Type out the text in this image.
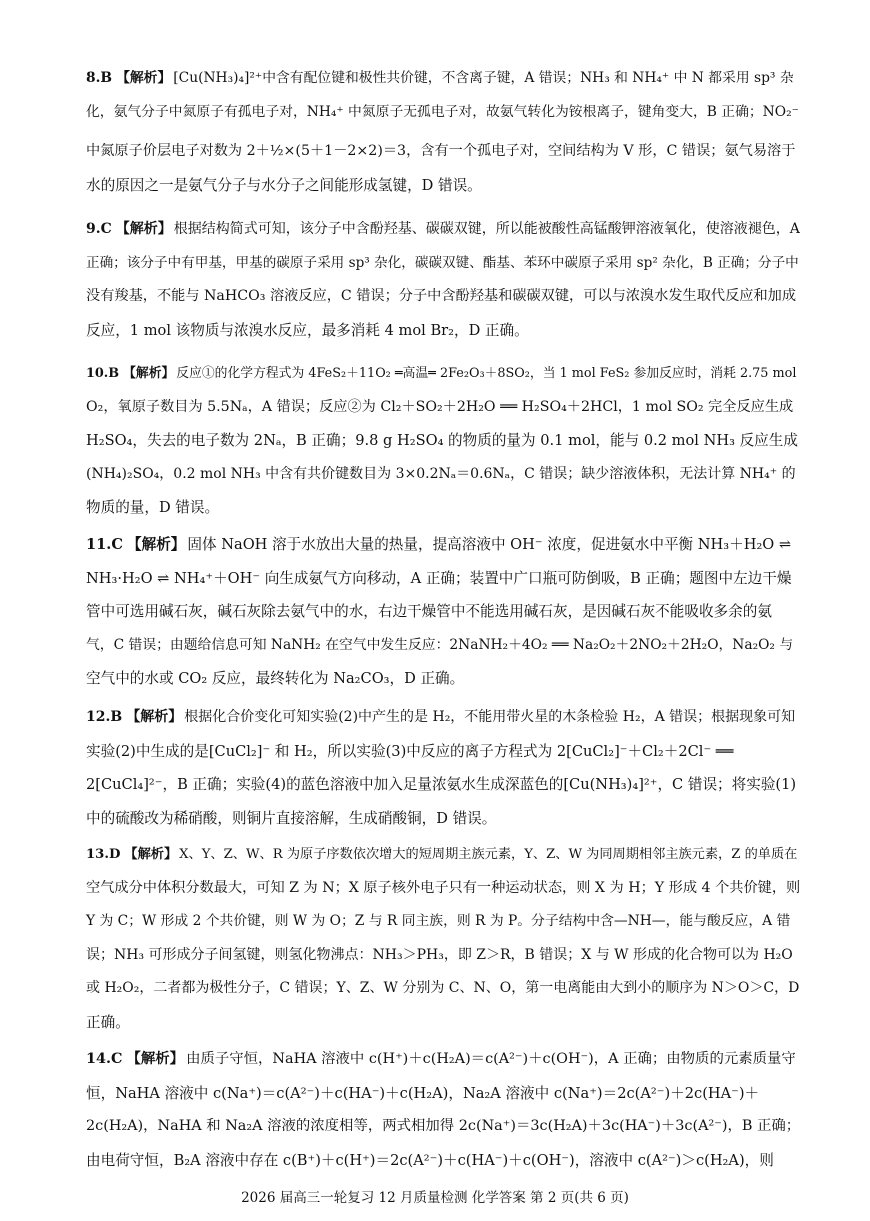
8.B 【解析】 [Cu(NH₃)₄]²⁺中含有配位键和极性共价键，不含离子键，A 错误；NH₃ 和 NH₄⁺ 中 N 都采用 sp³ 杂

化，氨气分子中氮原子有孤电子对，NH₄⁺ 中氮原子无孤电子对，故氨气转化为铵根离子，键角变大，B 正确；NO₂⁻

中氮原子价层电子对数为 2＋½×(5＋1－2×2)＝3，含有一个孤电子对，空间结构为 V 形，C 错误；氨气易溶于

水的原因之一是氨气分子与水分子之间能形成氢键，D 错误。

9.C 【解析】 根据结构简式可知，该分子中含酚羟基、碳碳双键，所以能被酸性高锰酸钾溶液氧化，使溶液褪色，A

正确；该分子中有甲基，甲基的碳原子采用 sp³ 杂化，碳碳双键、酯基、苯环中碳原子采用 sp² 杂化，B 正确；分子中

没有羧基，不能与 NaHCO₃ 溶液反应，C 错误；分子中含酚羟基和碳碳双键，可以与浓溴水发生取代反应和加成

反应，1 mol 该物质与浓溴水反应，最多消耗 4 mol Br₂，D 正确。

10.B 【解析】 反应①的化学方程式为 4FeS₂＋11O₂ ═高温═ 2Fe₂O₃＋8SO₂，当 1 mol FeS₂ 参加反应时，消耗 2.75 mol

O₂，氧原子数目为 5.5Nₐ，A 错误；反应②为 Cl₂＋SO₂＋2H₂O ══ H₂SO₄＋2HCl，1 mol SO₂ 完全反应生成

H₂SO₄，失去的电子数为 2Nₐ，B 正确；9.8 g H₂SO₄ 的物质的量为 0.1 mol，能与 0.2 mol NH₃ 反应生成

(NH₄)₂SO₄，0.2 mol NH₃ 中含有共价键数目为 3×0.2Nₐ＝0.6Nₐ，C 错误；缺少溶液体积，无法计算 NH₄⁺ 的

物质的量，D 错误。

11.C 【解析】 固体 NaOH 溶于水放出大量的热量，提高溶液中 OH⁻ 浓度，促进氨水中平衡 NH₃＋H₂O ⇌

NH₃·H₂O ⇌ NH₄⁺＋OH⁻ 向生成氨气方向移动，A 正确；装置中广口瓶可防倒吸，B 正确；题图中左边干燥

管中可选用碱石灰，碱石灰除去氨气中的水，右边干燥管中不能选用碱石灰，是因碱石灰不能吸收多余的氨

气，C 错误；由题给信息可知 NaNH₂ 在空气中发生反应：2NaNH₂＋4O₂ ══ Na₂O₂＋2NO₂＋2H₂O，Na₂O₂ 与

空气中的水或 CO₂ 反应，最终转化为 Na₂CO₃，D 正确。

12.B 【解析】 根据化合价变化可知实验(2)中产生的是 H₂，不能用带火星的木条检验 H₂，A 错误；根据现象可知

实验(2)中生成的是[CuCl₂]⁻ 和 H₂，所以实验(3)中反应的离子方程式为 2[CuCl₂]⁻＋Cl₂＋2Cl⁻ ══

2[CuCl₄]²⁻，B 正确；实验(4)的蓝色溶液中加入足量浓氨水生成深蓝色的[Cu(NH₃)₄]²⁺，C 错误；将实验(1)

中的硫酸改为稀硝酸，则铜片直接溶解，生成硝酸铜，D 错误。

13.D 【解析】 X、Y、Z、W、R 为原子序数依次增大的短周期主族元素，Y、Z、W 为同周期相邻主族元素，Z 的单质在

空气成分中体积分数最大，可知 Z 为 N；X 原子核外电子只有一种运动状态，则 X 为 H；Y 形成 4 个共价键，则

Y 为 C；W 形成 2 个共价键，则 W 为 O；Z 与 R 同主族，则 R 为 P。分子结构中含—NH—，能与酸反应，A 错

误；NH₃ 可形成分子间氢键，则氢化物沸点：NH₃＞PH₃，即 Z＞R，B 错误；X 与 W 形成的化合物可以为 H₂O

或 H₂O₂，二者都为极性分子，C 错误；Y、Z、W 分别为 C、N、O，第一电离能由大到小的顺序为 N＞O＞C，D

正确。

14.C 【解析】 由质子守恒，NaHA 溶液中 c(H⁺)＋c(H₂A)＝c(A²⁻)＋c(OH⁻)，A 正确；由物质的元素质量守

恒，NaHA 溶液中 c(Na⁺)＝c(A²⁻)＋c(HA⁻)＋c(H₂A)，Na₂A 溶液中 c(Na⁺)＝2c(A²⁻)＋2c(HA⁻)＋

2c(H₂A)，NaHA 和 Na₂A 溶液的浓度相等，两式相加得 2c(Na⁺)＝3c(H₂A)＋3c(HA⁻)＋3c(A²⁻)，B 正确；

由电荷守恒，B₂A 溶液中存在 c(B⁺)＋c(H⁺)＝2c(A²⁻)＋c(HA⁻)＋c(OH⁻)，溶液中 c(A²⁻)＞c(H₂A)，则

2026 届高三一轮复习 12 月质量检测 化学答案 第 2 页(共 6 页)
